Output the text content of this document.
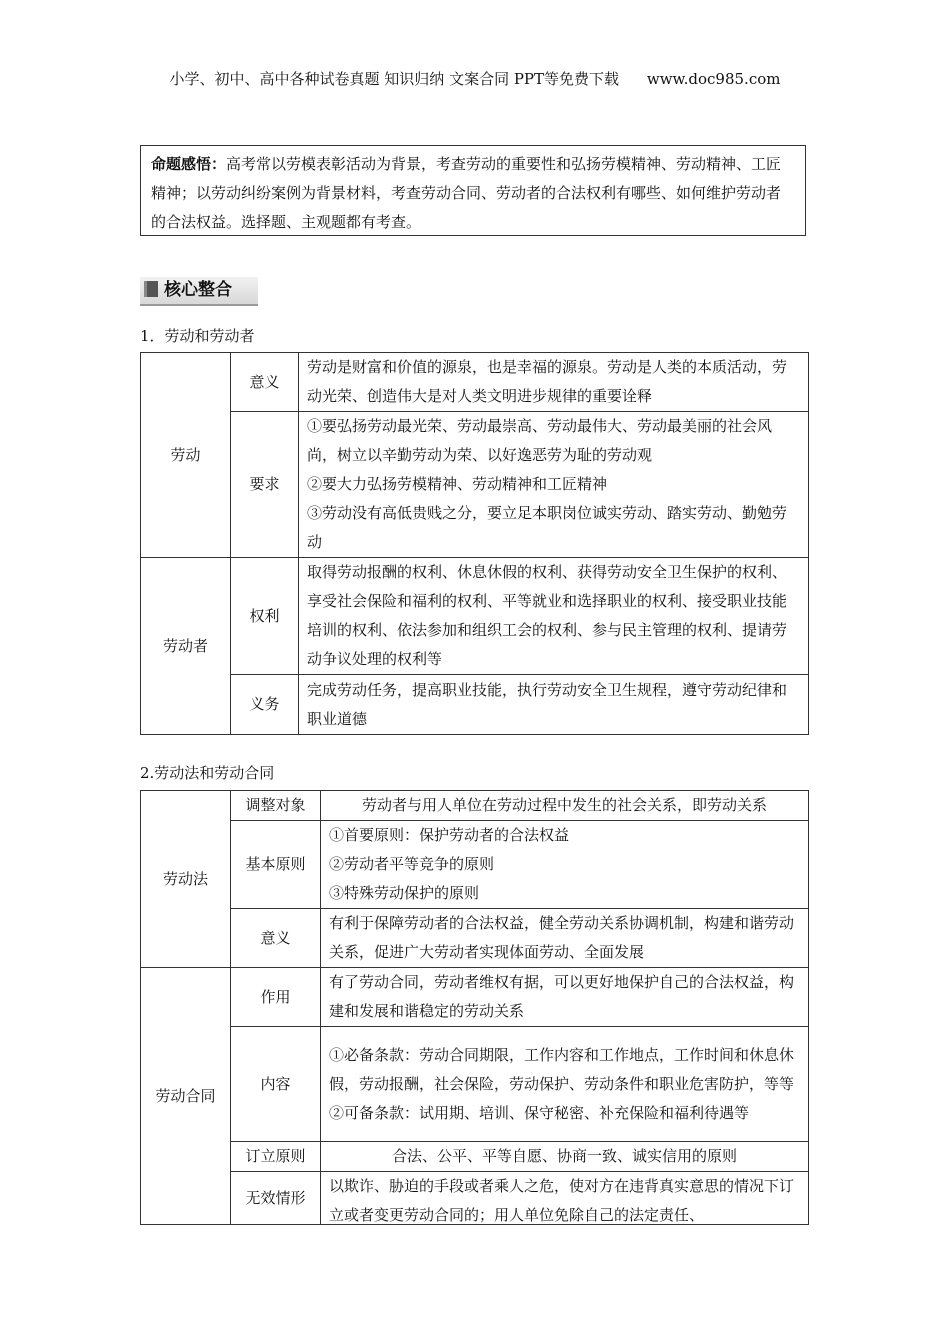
小学、初中、高中各种试卷真题 知识归纳 文案合同 PPT等免费下载 www.doc985.com
命题感悟：高考常以劳模表彰活动为背景，考查劳动的重要性和弘扬劳模精神、劳动精神、工匠精神；以劳动纠纷案例为背景材料，考查劳动合同、劳动者的合法权利有哪些、如何维护劳动者的合法权益。选择题、主观题都有考查。
核心整合
1．劳动和劳动者
劳动	意义	劳动是财富和价值的源泉，也是幸福的源泉。劳动是人类的本质活动，劳动光荣、创造伟大是对人类文明进步规律的重要诠释

	要求	①要弘扬劳动最光荣、劳动最崇高、劳动最伟大、劳动最美丽的社会风尚，树立以辛勤劳动为荣、以好逸恶劳为耻的劳动观
②要大力弘扬劳模精神、劳动精神和工匠精神
③劳动没有高低贵贱之分，要立足本职岗位诚实劳动、踏实劳动、勤勉劳动

劳动者	权利	取得劳动报酬的权利、休息休假的权利、获得劳动安全卫生保护的权利、享受社会保险和福利的权利、平等就业和选择职业的权利、接受职业技能培训的权利、依法参加和组织工会的权利、参与民主管理的权利、提请劳动争议处理的权利等

	义务	完成劳动任务，提高职业技能，执行劳动安全卫生规程，遵守劳动纪律和职业道德
2.劳动法和劳动合同
劳动法	调整对象	劳动者与用人单位在劳动过程中发生的社会关系，即劳动关系

	基本原则	①首要原则：保护劳动者的合法权益
②劳动者平等竞争的原则
③特殊劳动保护的原则

	意义	有利于保障劳动者的合法权益，健全劳动关系协调机制，构建和谐劳动关系，促进广大劳动者实现体面劳动、全面发展

劳动合同	作用	有了劳动合同，劳动者维权有据，可以更好地保护自己的合法权益，构建和发展和谐稳定的劳动关系

	内容	①必备条款：劳动合同期限，工作内容和工作地点，工作时间和休息休假，劳动报酬，社会保险，劳动保护、劳动条件和职业危害防护，等等
②可备条款：试用期、培训、保守秘密、补充保险和福利待遇等

	订立原则	合法、公平、平等自愿、协商一致、诚实信用的原则

	无效情形	以欺诈、胁迫的手段或者乘人之危，使对方在违背真实意思的情况下订立或者变更劳动合同的；用人单位免除自己的法定责任、
